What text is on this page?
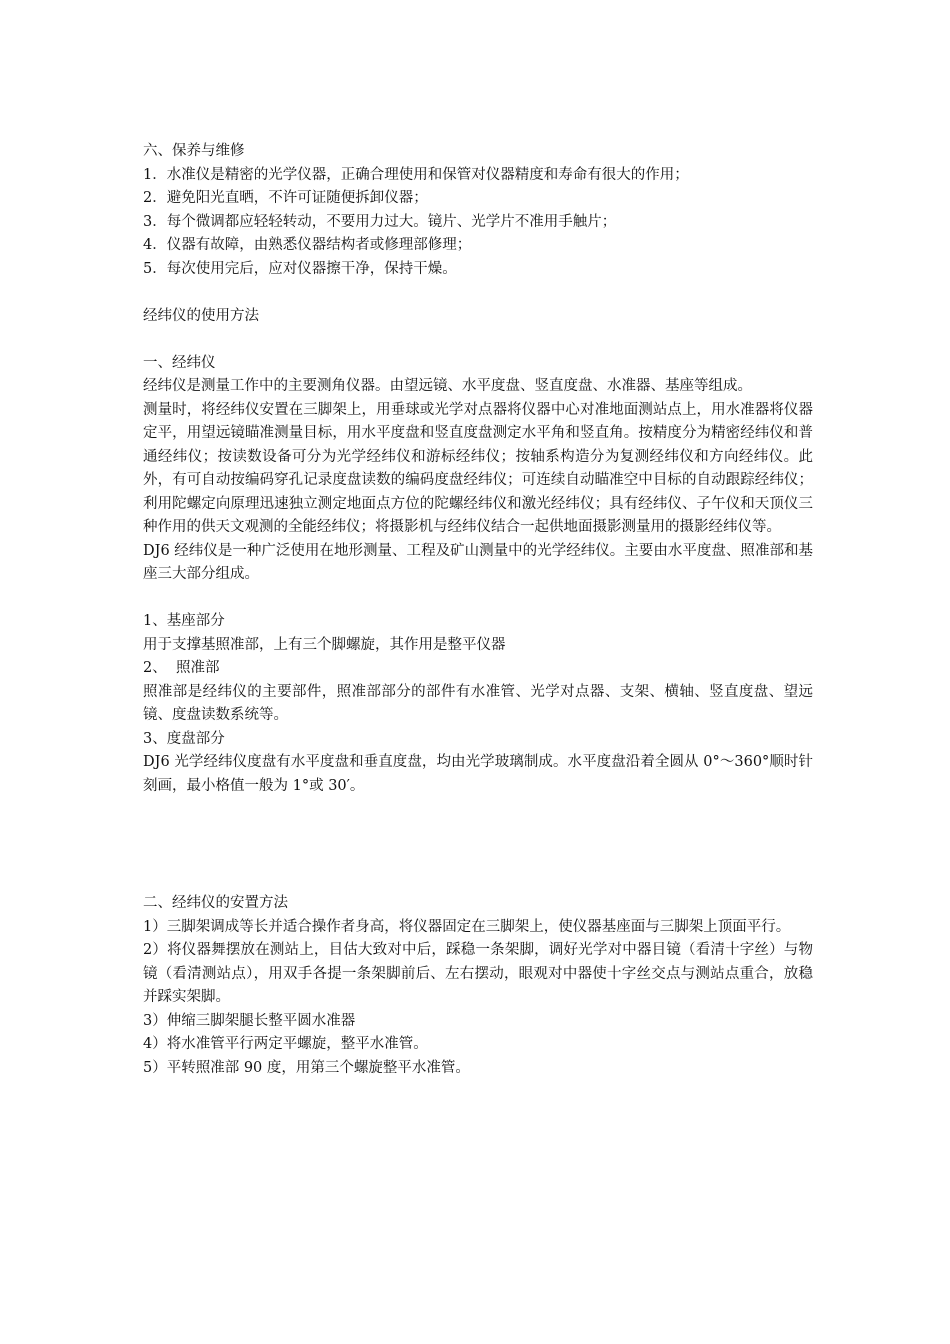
六、保养与维修
1．水准仪是精密的光学仪器，正确合理使用和保管对仪器精度和寿命有很大的作用；
2．避免阳光直晒，不许可证随便拆卸仪器；
3．每个微调都应轻轻转动，不要用力过大。镜片、光学片不准用手触片；
4．仪器有故障，由熟悉仪器结构者或修理部修理；
5．每次使用完后，应对仪器擦干净，保持干燥。
经纬仪的使用方法
一、经纬仪
经纬仪是测量工作中的主要测角仪器。由望远镜、水平度盘、竖直度盘、水准器、基座等组成。
测量时，将经纬仪安置在三脚架上，用垂球或光学对点器将仪器中心对准地面测站点上，用水准器将仪器定平，用望远镜瞄准测量目标，用水平度盘和竖直度盘测定水平角和竖直角。按精度分为精密经纬仪和普通经纬仪；按读数设备可分为光学经纬仪和游标经纬仪；按轴系构造分为复测经纬仪和方向经纬仪。此外，有可自动按编码穿孔记录度盘读数的编码度盘经纬仪；可连续自动瞄准空中目标的自动跟踪经纬仪；利用陀螺定向原理迅速独立测定地面点方位的陀螺经纬仪和激光经纬仪；具有经纬仪、子午仪和天顶仪三种作用的供天文观测的全能经纬仪；将摄影机与经纬仪结合一起供地面摄影测量用的摄影经纬仪等。
DJ6 经纬仪是一种广泛使用在地形测量、工程及矿山测量中的光学经纬仪。主要由水平度盘、照准部和基座三大部分组成。
1、基座部分
用于支撑基照准部，上有三个脚螺旋，其作用是整平仪器
2、  照准部
照准部是经纬仪的主要部件，照准部部分的部件有水准管、光学对点器、支架、横轴、竖直度盘、望远镜、度盘读数系统等。
3、度盘部分
DJ6 光学经纬仪度盘有水平度盘和垂直度盘，均由光学玻璃制成。水平度盘沿着全圆从 0°～360°顺时针刻画，最小格值一般为 1°或 30′。
二、经纬仪的安置方法
1）三脚架调成等长并适合操作者身高，将仪器固定在三脚架上，使仪器基座面与三脚架上顶面平行。
2）将仪器舞摆放在测站上，目估大致对中后，踩稳一条架脚，调好光学对中器目镜（看清十字丝）与物镜（看清测站点），用双手各提一条架脚前后、左右摆动，眼观对中器使十字丝交点与测站点重合，放稳并踩实架脚。
3）伸缩三脚架腿长整平圆水准器
4）将水准管平行两定平螺旋，整平水准管。
5）平转照准部 90 度，用第三个螺旋整平水准管。
